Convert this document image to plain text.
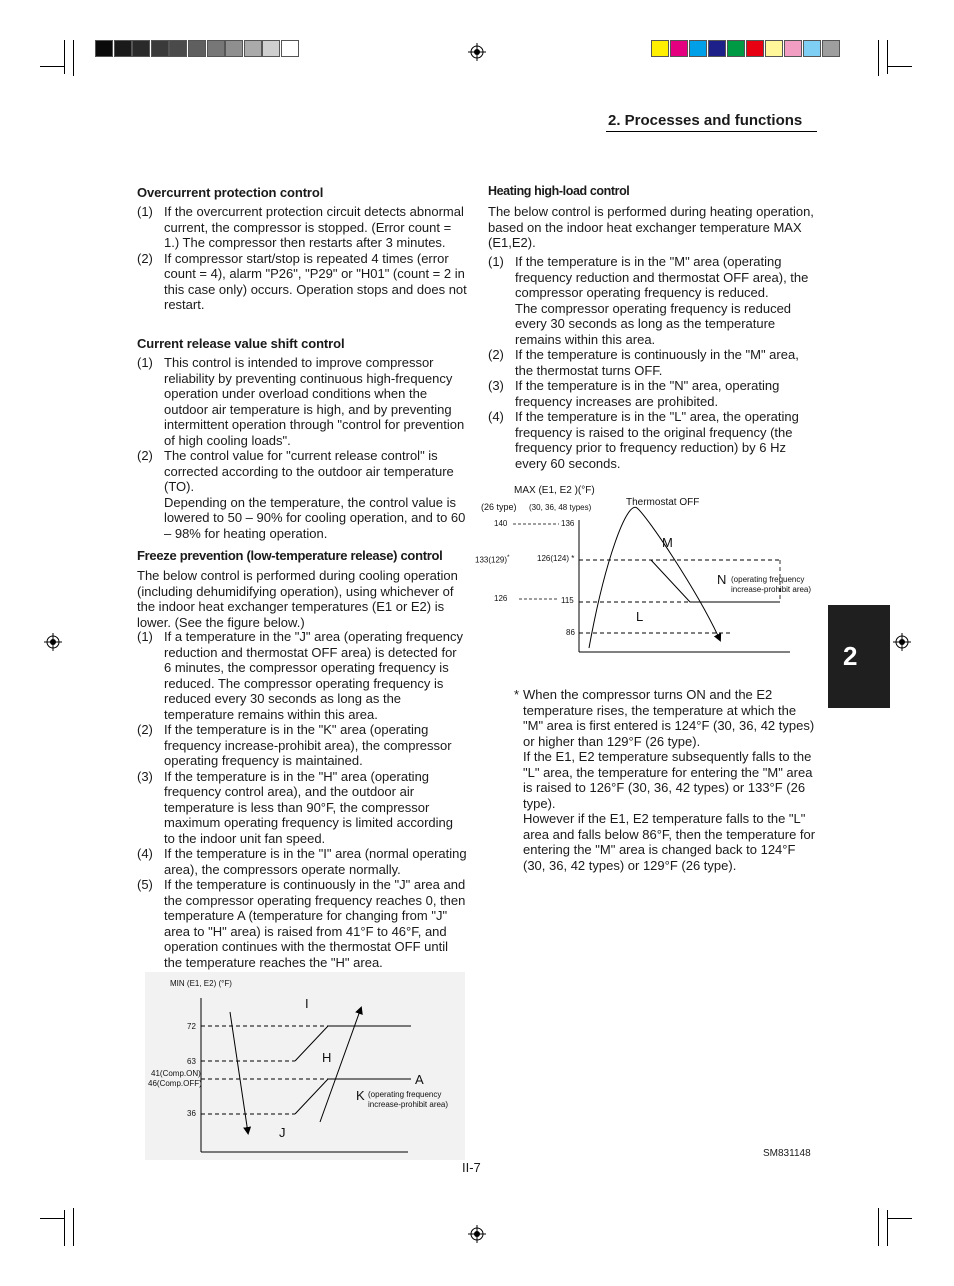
2. Processes and functions
2
Overcurrent protection control
(1) If the overcurrent protection circuit detects abnormal current, the compressor is stopped. (Error count = 1.) The compressor then restarts after 3 minutes.
(2) If compressor start/stop is repeated 4 times (error count = 4), alarm "P26", "P29" or "H01" (count = 2 in this case only) occurs. Operation stops and does not restart.
Current release value shift control
(1) This control is intended to improve compressor reliability by preventing continuous high-frequency operation under overload conditions when the outdoor air temperature is high, and by preventing intermittent operation through "control for prevention of high cooling loads".
(2) The control value for "current release control" is corrected according to the outdoor air temperature (TO).
Depending on the temperature, the control value is lowered to 50 – 90% for cooling operation, and to 60 – 98% for heating operation.
Freeze prevention (low-temperature release) control
The below control is performed during cooling operation (including dehumidifying operation), using whichever of the indoor heat exchanger temperatures (E1 or E2) is lower. (See the figure below.)
(1) If a temperature in the "J" area (operating frequency reduction and thermostat OFF area) is detected for 6 minutes, the compressor operating frequency is reduced. The compressor operating frequency is reduced every 30 seconds as long as the temperature remains within this area.
(2) If the temperature is in the "K" area (operating frequency increase-prohibit area), the compressor operating frequency is maintained.
(3) If the temperature is in the "H" area (operating frequency control area), and the outdoor air temperature is less than 90°F, the compressor maximum operating frequency is limited according to the indoor unit fan speed.
(4) If the temperature is in the "I" area (normal operating area), the compressors operate normally.
(5) If the temperature is continuously in the "J" area and the compressor operating frequency reaches 0, then temperature A (temperature for changing from "J" area to "H" area) is raised from 41°F to 46°F, and operation continues with the thermostat OFF until the temperature reaches the "H" area.
MIN (E1, E2) (°F)
72
63
41(Comp.ON)
46(Comp.OFF)
36
I
H
A
K (operating frequency
increase-prohibit area)
J
Heating high-load control
The below control is performed during heating operation, based on the indoor heat exchanger temperature MAX (E1,E2).
(1) If the temperature is in the "M" area (operating frequency reduction and thermostat OFF area), the compressor operating frequency is reduced.
The compressor operating frequency is reduced every 30 seconds as long as the temperature remains within this area.
(2) If the temperature is continuously in the "M" area, the thermostat turns OFF.
(3) If the temperature is in the "N" area, operating frequency increases are prohibited.
(4) If the temperature is in the "L" area, the operating frequency is raised to the original frequency (the frequency prior to frequency reduction) by 6 Hz every 60 seconds.
MAX (E1, E2 )(°F)
(26 type) (30, 36, 48 types)	Thermostat OFF
140	136
133(129)*	126(124) *
126	115
86
M
N (operating frequency
increase-prohibit area)
L
* When the compressor turns ON and the E2 temperature rises, the temperature at which the "M" area is first entered is 124°F (30, 36, 42 types) or higher than 129°F (26 type).
If the E1, E2 temperature subsequently falls to the "L" area, the temperature for entering the "M" area is raised to 126°F (30, 36, 42 types) or 133°F (26 type).
However if the E1, E2 temperature falls to the "L" area and falls below 86°F, then the temperature for entering the "M" area is changed back to 124°F (30, 36, 42 types) or 129°F (26 type).
II-7
SM831148
